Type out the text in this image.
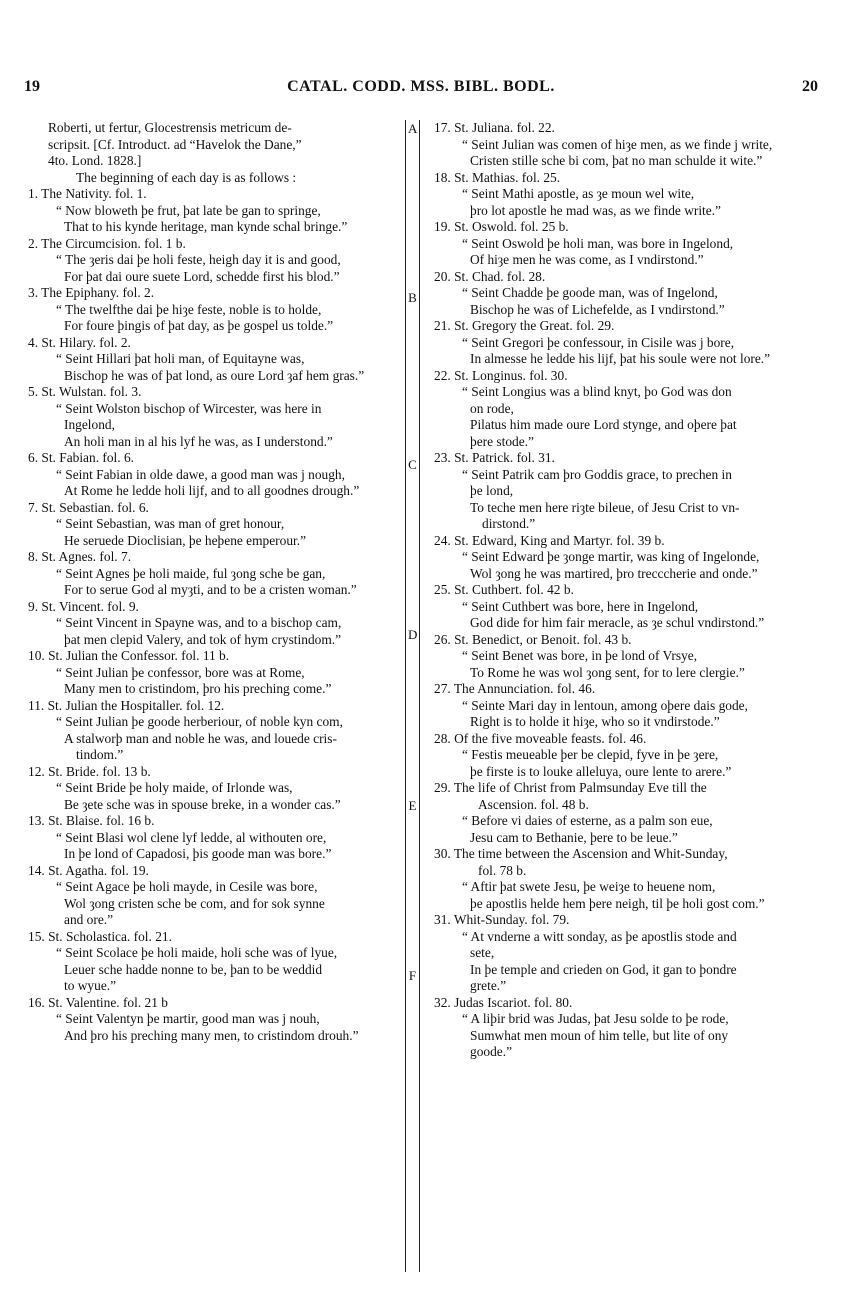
19	CATAL. CODD. MSS. BIBL. BODL.	20
A
B
C
D
E
F

Roberti, ut fertur, Glocestrensis metricum de-

scripsit. [Cf. Introduct. ad “Havelok the Dane,”

4to. Lond. 1828.]

The beginning of each day is as follows :

1. The Nativity. fol. 1.

“ Now bloweth þe frut, þat late be gan to springe,

That to his kynde heritage, man kynde schal bringe.”

2. The Circumcision. fol. 1 b.

“ The ȝeris dai þe holi feste, heigh day it is and good,

For þat dai oure suete Lord, schedde first his blod.”

3. The Epiphany. fol. 2.

“ The twelfthe dai þe hiȝe feste, noble is to holde,

For foure þingis of þat day, as þe gospel us tolde.”

4. St. Hilary. fol. 2.

“ Seint Hillari þat holi man, of Equitayne was,

Bischop he was of þat lond, as oure Lord ȝaf hem gras.”

5. St. Wulstan. fol. 3.

“ Seint Wolston bischop of Wircester, was here in

Ingelond,

An holi man in al his lyf he was, as I understond.”

6. St. Fabian. fol. 6.

“ Seint Fabian in olde dawe, a good man was j nough,

At Rome he ledde holi lijf, and to all goodnes drough.”

7. St. Sebastian. fol. 6.

“ Seint Sebastian, was man of gret honour,

He seruede Dioclisian, þe heþene emperour.”

8. St. Agnes. fol. 7.

“ Seint Agnes þe holi maide, ful ȝong sche be gan,

For to serue God al myȝti, and to be a cristen woman.”

9. St. Vincent. fol. 9.

“ Seint Vincent in Spayne was, and to a bischop cam,

þat men clepid Valery, and tok of hym crystindom.”

10. St. Julian the Confessor. fol. 11 b.

“ Seint Julian þe confessor, bore was at Rome,

Many men to cristindom, þro his preching come.”

11. St. Julian the Hospitaller. fol. 12.

“ Seint Julian þe goode herberiour, of noble kyn com,

A stalworþ man and noble he was, and louede cris-

tindom.”

12. St. Bride. fol. 13 b.

“ Seint Bride þe holy maide, of Irlonde was,

Be ȝete sche was in spouse breke, in a wonder cas.”

13. St. Blaise. fol. 16 b.

“ Seint Blasi wol clene lyf ledde, al withouten ore,

In þe lond of Capadosi, þis goode man was bore.”

14. St. Agatha. fol. 19.

“ Seint Agace þe holi mayde, in Cesile was bore,

Wol ȝong cristen sche be com, and for sok synne

and ore.”

15. St. Scholastica. fol. 21.

“ Seint Scolace þe holi maide, holi sche was of lyue,

Leuer sche hadde nonne to be, þan to be weddid

to wyue.”

16. St. Valentine. fol. 21 b

“ Seint Valentyn þe martir, good man was j nouh,

And þro his preching many men, to cristindom drouh.”

17. St. Juliana. fol. 22.

“ Seint Julian was comen of hiȝe men, as we finde j write,

Cristen stille sche bi com, þat no man schulde it wite.”

18. St. Mathias. fol. 25.

“ Seint Mathi apostle, as ȝe moun wel wite,

þro lot apostle he mad was, as we finde write.”

19. St. Oswold. fol. 25 b.

“ Seint Oswold þe holi man, was bore in Ingelond,

Of hiȝe men he was come, as I vndirstond.”

20. St. Chad. fol. 28.

“ Seint Chadde þe goode man, was of Ingelond,

Bischop he was of Lichefelde, as I vndirstond.”

21. St. Gregory the Great. fol. 29.

“ Seint Gregori þe confessour, in Cisile was j bore,

In almesse he ledde his lijf, þat his soule were not lore.”

22. St. Longinus. fol. 30.

“ Seint Longius was a blind knyt, þo God was don

on rode,

Pilatus him made oure Lord stynge, and oþere þat

þere stode.”

23. St. Patrick. fol. 31.

“ Seint Patrik cam þro Goddis grace, to prechen in

þe lond,

To teche men here riȝte bileue, of Jesu Crist to vn-

dirstond.”

24. St. Edward, King and Martyr. fol. 39 b.

“ Seint Edward þe ȝonge martir, was king of Ingelonde,

Wol ȝong he was martired, þro trecccherie and onde.”

25. St. Cuthbert. fol. 42 b.

“ Seint Cuthbert was bore, here in Ingelond,

God dide for him fair meracle, as ȝe schul vndirstond.”

26. St. Benedict, or Benoit. fol. 43 b.

“ Seint Benet was bore, in þe lond of Vrsye,

To Rome he was wol ȝong sent, for to lere clergie.”

27. The Annunciation. fol. 46.

“ Seinte Mari day in lentoun, among oþere dais gode,

Right is to holde it hiȝe, who so it vndirstode.”

28. Of the five moveable feasts. fol. 46.

“ Festis meueable þer be clepid, fyve in þe ȝere,

þe firste is to louke alleluya, oure lente to arere.”

29. The life of Christ from Palmsunday Eve till the

Ascension. fol. 48 b.

“ Before vi daies of esterne, as a palm son eue,

Jesu cam to Bethanie, þere to be leue.”

30. The time between the Ascension and Whit-Sunday,

fol. 78 b.

“ Aftir þat swete Jesu, þe weiȝe to heuene nom,

þe apostlis helde hem þere neigh, til þe holi gost com.”

31. Whit-Sunday. fol. 79.

“ At vnderne a witt sonday, as þe apostlis stode and

sete,

In þe temple and crieden on God, it gan to þondre

grete.”

32. Judas Iscariot. fol. 80.

“ A liþir brid was Judas, þat Jesu solde to þe rode,

Sumwhat men moun of him telle, but lite of ony

goode.”
